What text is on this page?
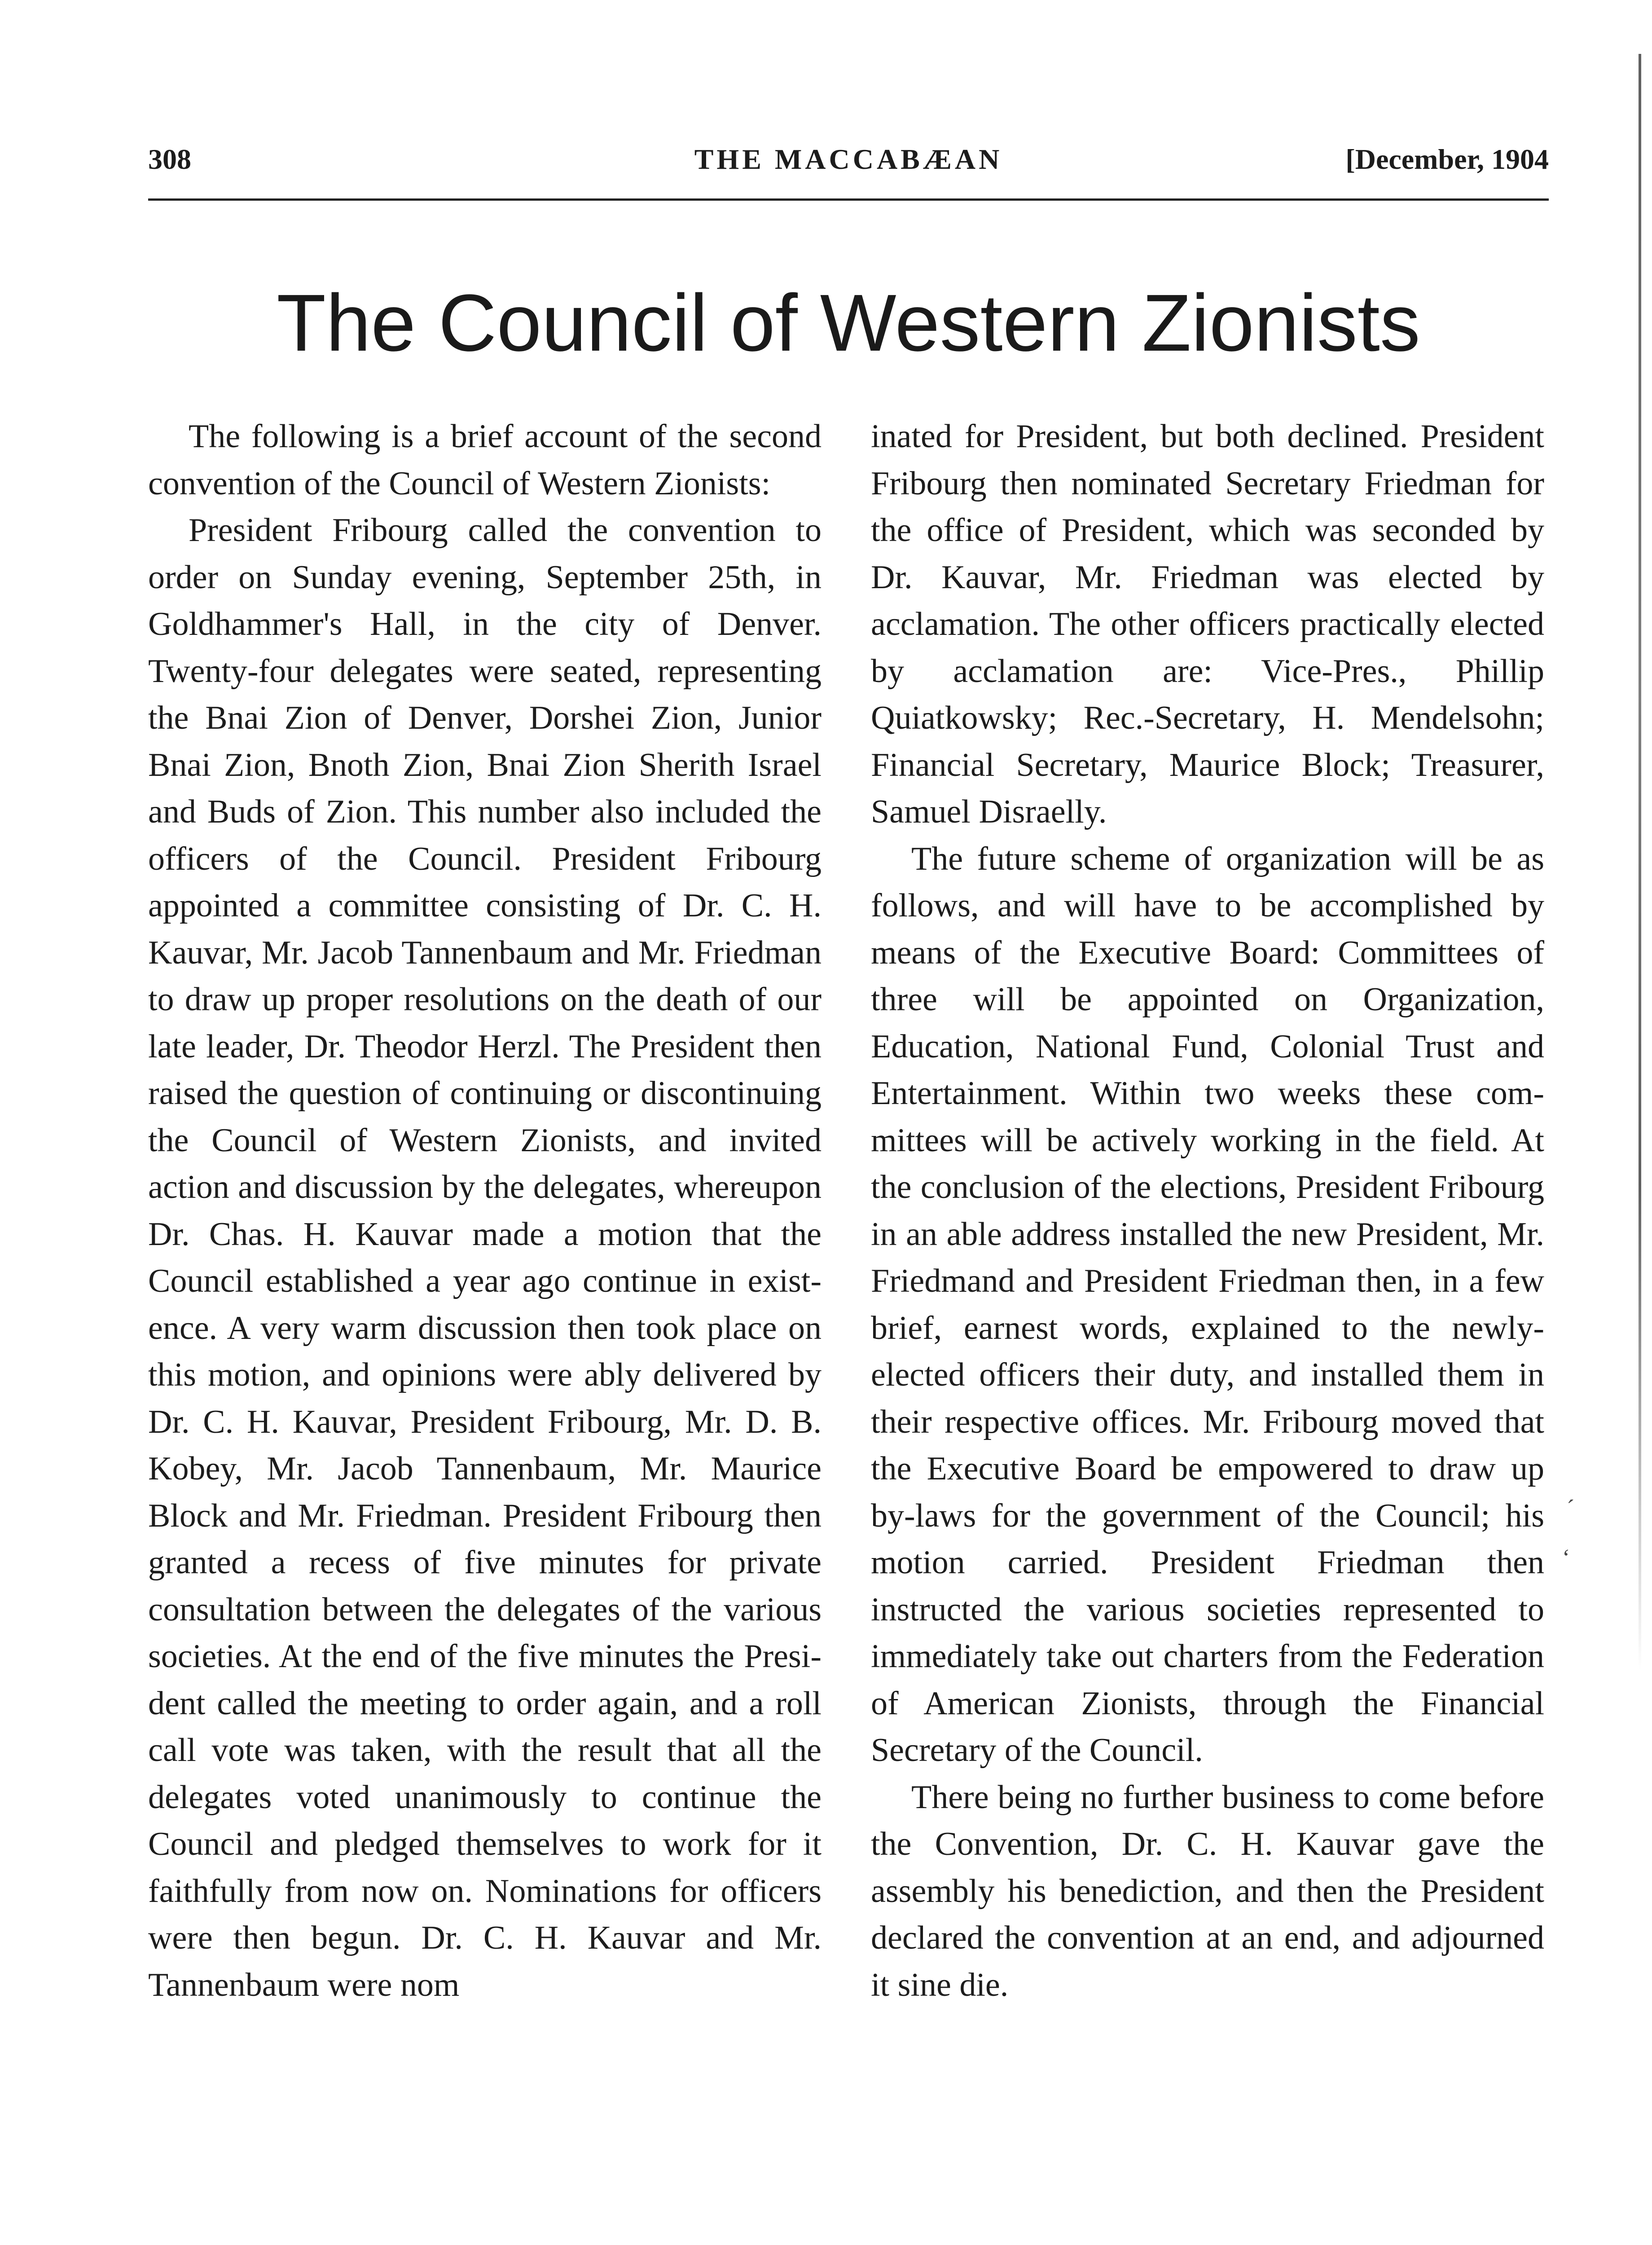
308	THE MACCABÆAN	[December, 1904
The Council of Western Zionists

The following is a brief account of the second convention of the Council of Western Zionists:

President Fribourg called the convention to order on Sunday evening, September 25th, in Goldhammer's Hall, in the city of Denver. Twenty-four delegates were seated, representing the Bnai Zion of Denver, Dorshei Zion, Junior Bnai Zion, Bnoth Zion, Bnai Zion Sherith Israel and Buds of Zion. This number also included the officers of the Council. President Fribourg appointed a committee consisting of Dr. C. H. Kauvar, Mr. Jacob Tannenbaum and Mr. Friedman to draw up proper resolutions on the death of our late leader, Dr. Theodor Herzl. The President then raised the question of continuing or discontinuing the Council of Western Zionists, and invited action and discussion by the delegates, whereupon Dr. Chas. H. Kauvar made a motion that the Council established a year ago continue in existence. A very warm discussion then took place on this motion, and opinions were ably delivered by Dr. C. H. Kauvar, President Fribourg, Mr. D. B. Kobey, Mr. Jacob Tannenbaum, Mr. Maurice Block and Mr. Friedman. President Fribourg then granted a recess of five minutes for private consultation between the delegates of the various societies. At the end of the five minutes the President called the meeting to order again, and a roll call vote was taken, with the result that all the delegates voted unanimously to continue the Council and pledged themselves to work for it faithfully from now on. Nominations for officers were then begun. Dr. C. H. Kauvar and Mr. Tannenbaum were nom

inated for President, but both declined. President Fribourg then nominated Secretary Friedman for the office of President, which was seconded by Dr. Kauvar, Mr. Friedman was elected by acclamation. The other officers practically elected by acclamation are: Vice-Pres., Phillip Quiatkowsky; Rec.-Secretary, H. Mendelsohn; Financial Secretary, Maurice Block; Treasurer, Samuel Disraelly.

The future scheme of organization will be as follows, and will have to be accomplished by means of the Executive Board: Committees of three will be appointed on Organization, Education, National Fund, Colonial Trust and Entertainment. Within two weeks these committees will be actively working in the field. At the conclusion of the elections, President Fribourg in an able address installed the new President, Mr. Friedmand and President Friedman then, in a few brief, earnest words, explained to the newly-elected officers their duty, and installed them in their respective offices. Mr. Fribourg moved that the Executive Board be empowered to draw up by-laws for the government of the Council; his motion carried. President Friedman then instructed the various societies represented to immediately take out charters from the Federation of American Zionists, through the Financial Secretary of the Council.

There being no further business to come before the Convention, Dr. C. H. Kauvar gave the assembly his benediction, and then the President declared the convention at an end, and adjourned it sine die.

ˊ
ʻ
